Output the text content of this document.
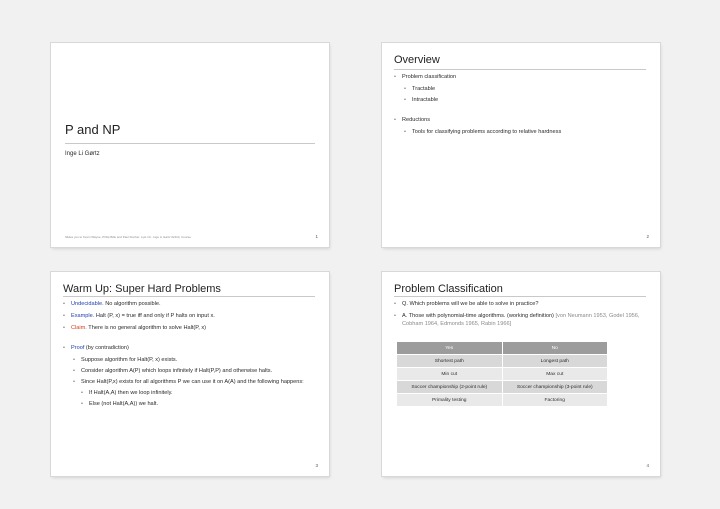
P and NP
Inge Li Gørtz
Slides you to Kevin Wayne, Philip Bille and Paul Fischer. Lyst 10 - Inge Li Gørtz 02110, Course	1
Overview
• Problem classification
• Tractable
• Intractable
• Reductions
• Tools for classifying problems according to relative hardness
2
Warm Up: Super Hard Problems
• Undecidable. No algorithm possible.
• Example. Halt (P, x) = true iff and only if P halts on input x.
• Claim. There is no general algorithm to solve Halt(P, x)
• Proof (by contradiction)
• Suppose algorithm for Halt(P, x) exists.
• Consider algorithm A(P) which loops infinitely if Halt(P,P) and otherwise halts.
• Since Halt(P,x) exists for all algorithms P we can use it on A(A) and the following happens:
• If Halt(A,A) then we loop infinitely.
• Else (not Halt(A,A)) we halt.
3
Problem Classification
• Q. Which problems will we be able to solve in practice?
• A. Those with polynomial-time algorithms. (working definition) [von Neumann 1953, Godel 1956, Cobham 1964, Edmonds 1965, Rabin 1966]
Yes	No
Shortest path	Longest path
Min cut	Max cut
Soccer championship (2-point rule)	Soccer championship (3-point rule)
Primality testing	Factoring
4
